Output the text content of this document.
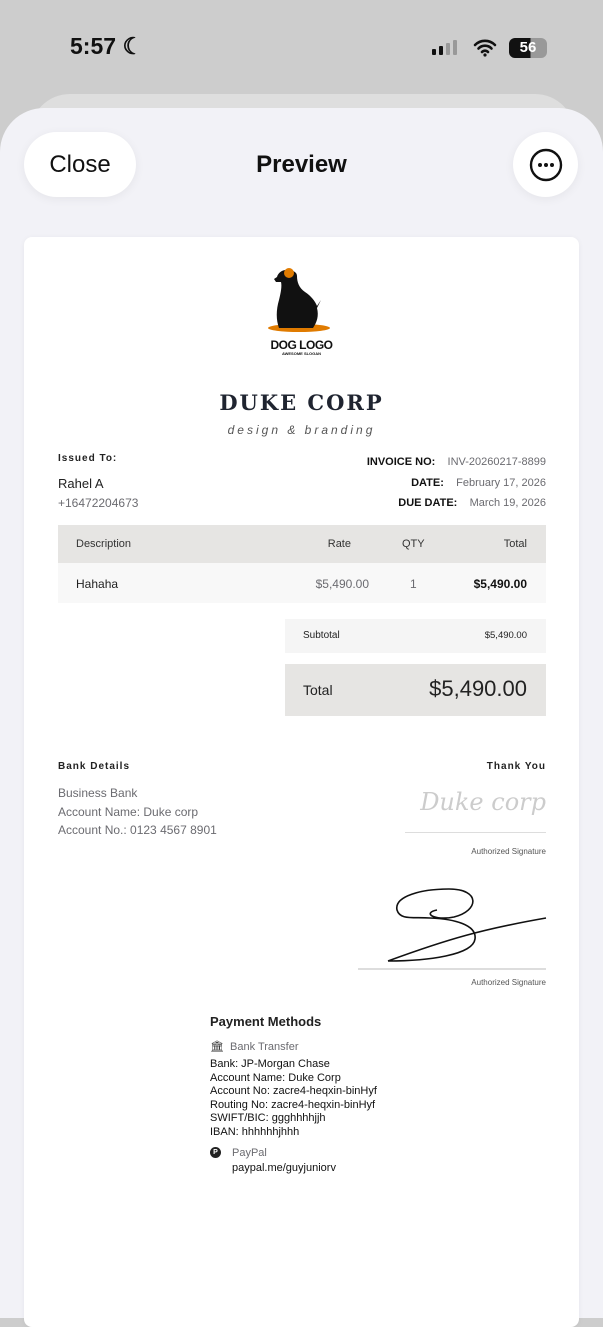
5:57 ☾	56
Close	Preview
DOG LOGO
AWESOME SLOGAN
DUKE CORP
design & branding
Issued To:
Rahel A
+16472204673
INVOICE NO: INV-20260217-8899
DATE: February 17, 2026
DUE DATE: March 19, 2026
Description	Rate	QTY	Total
Hahaha	$5,490.00	1	$5,490.00
Subtotal	$5,490.00
Total	$5,490.00
Bank Details
Business Bank
Account Name: Duke corp
Account No.: 0123 4567 8901
Thank You
Duke corp
Authorized Signature
Authorized Signature
Payment Methods
🏛 Bank Transfer
Bank: JP-Morgan Chase
Account Name: Duke Corp
Account No: zacre4-heqxin-binHyf
Routing No: zacre4-heqxin-binHyf
SWIFT/BIC: ggghhhhjjh
IBAN: hhhhhhjhhh
P PayPal
paypal.me/guyjuniorv
